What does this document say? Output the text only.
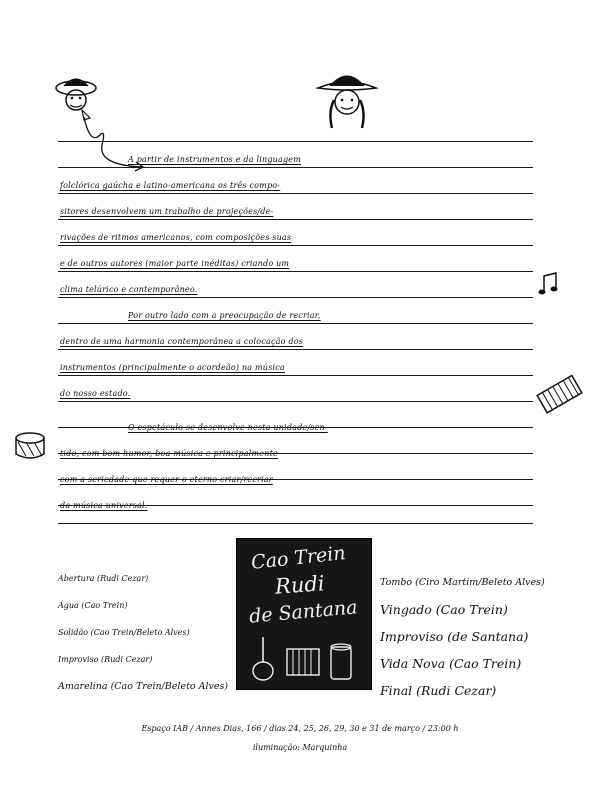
A partir de instrumentos e da linguagem
folclórica gaúcha e latino-americana os três compo-
sitores desenvolvem um trabalho de projeções/de-
rivações de ritmos americanos, com composições suas
e de outros autores (maior parte inéditas) criando um
clima telúrico e contemporâneo.
Por outro lado com a preocupação de recriar,
dentro de uma harmonia contemporânea a colocação dos
instrumentos (principalmente o acordeão) na música
do nosso estado.
O espetáculo se desenvolve nesta unidade/sen-
tido, com bom humor, boa música e principalmente
com a seriedade que requer o eterno criar/recriar
da música universal.
Abertura (Rudi Cezar)
Água (Cao Trein)
Solidão (Cao Trein/Beleto Alves)
Improviso (Rudi Cezar)
Amarelina (Cao Trein/Beleto Alves)
Cao Trein
Rudi
de Santana
Tombo (Ciro Martim/Beleto Alves)
Vingado (Cao Trein)
Improviso (de Santana)
Vida Nova (Cao Trein)
Final (Rudi Cezar)
Espaço IAB / Annes Dias, 166 / dias 24, 25, 26, 29, 30 e 31 de março / 23:00 h
iluminação: Marquinha
